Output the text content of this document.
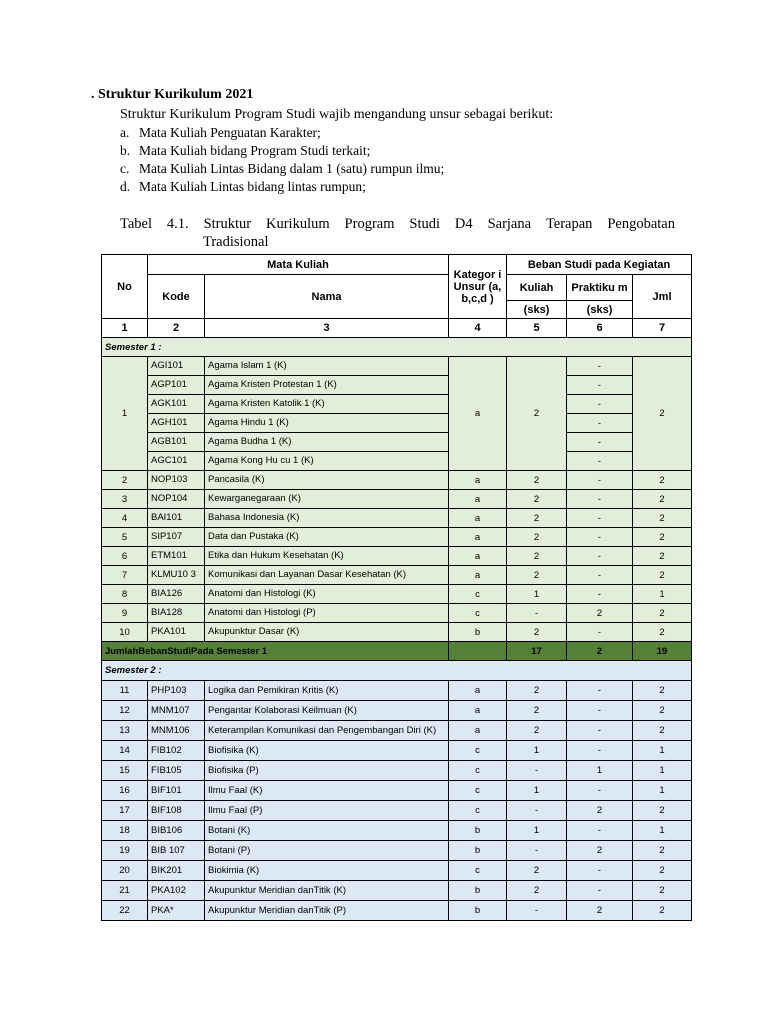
. Struktur Kurikulum 2021
Struktur Kurikulum Program Studi wajib mengandung unsur sebagai berikut:
a. Mata Kuliah Penguatan Karakter;
b. Mata Kuliah bidang Program Studi terkait;
c. Mata Kuliah Lintas Bidang dalam 1 (satu) rumpun ilmu;
d. Mata Kuliah Lintas bidang lintas rumpun;
Tabel 4.1. Struktur Kurikulum Program Studi D4 Sarjana Terapan Pengobatan
Tradisional
No	Mata Kuliah		Kategor i Unsur (a,b,c,d )	Beban Studi pada Kegiatan		
	Kode	Nama		Kuliah	Praktiku m	Jml
				(sks)	(sks)	
1	2	3	4	5	6	7
Semester 1 :						
1	AGI101	Agama Islam 1 (K)	a	2	-	2
	AGP101	Agama Kristen Protestan 1 (K)			-	
	AGK101	Agama Kristen Katolik 1 (K)			-	
	AGH101	Agama Hindu 1 (K)			-	
	AGB101	Agama Budha 1 (K)			-	
	AGC101	Agama Kong Hu cu 1 (K)			-	
2	NOP103	Pancasila (K)	a	2	-	2
3	NOP104	Kewarganegaraan (K)	a	2	-	2
4	BAI101	Bahasa Indonesia (K)	a	2	-	2
5	SIP107	Data dan Pustaka (K)	a	2	-	2
6	ETM101	Etika dan Hukum Kesehatan (K)	a	2	-	2
7	KLMU10 3	Komunikasi dan Layanan Dasar Kesehatan (K)	a	2	-	2
8	BIA126	Anatomi dan Histologi (K)	c	1	-	1
9	BIA128	Anatomi dan Histologi (P)	c	-	2	2
10	PKA101	Akupunktur Dasar (K)	b	2	-	2
JumlahBebanStudiPada Semester 1				17	2	19
Semester 2 :						
11	PHP103	Logika dan Pemikiran Kritis (K)	a	2	-	2
12	MNM107	Pengantar Kolaborasi Keilmuan (K)	a	2	-	2
13	MNM106	Keterampilan Komunikasi dan Pengembangan Diri (K)	a	2	-	2
14	FIB102	Biofisika (K)	c	1	-	1
15	FIB105	Biofisika (P)	c	-	1	1
16	BIF101	Ilmu Faal (K)	c	1	-	1
17	BIF108	Ilmu Faal (P)	c	-	2	2
18	BIB106	Botani (K)	b	1	-	1
19	BIB 107	Botani (P)	b	-	2	2
20	BIK201	Biokimia (K)	c	2	-	2
21	PKA102	Akupunktur Meridian danTitik (K)	b	2	-	2
22	PKA*	Akupunktur Meridian danTitik (P)	b	-	2	2
